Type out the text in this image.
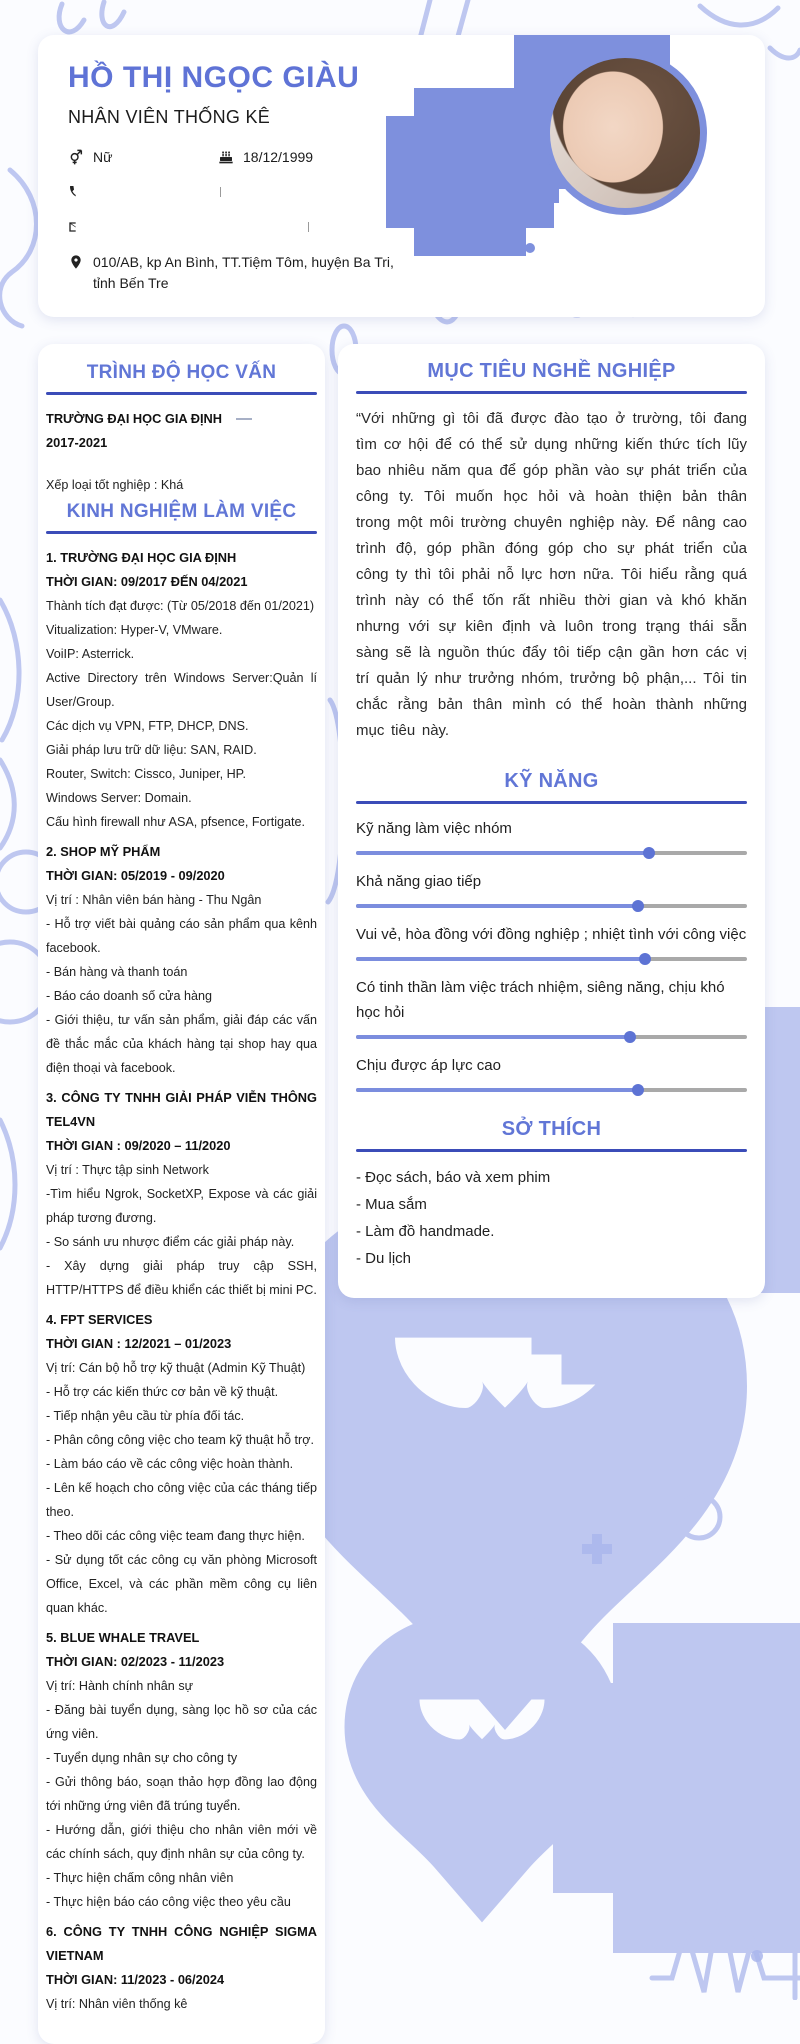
HỒ THỊ NGỌC GIÀU
NHÂN VIÊN THỐNG KÊ
Nữ	18/12/1999
010/AB, kp An Bình, TT.Tiệm Tôm, huyện Ba Tri,
tỉnh Bến Tre
TRÌNH ĐỘ HỌC VẤN
TRƯỜNG ĐẠI HỌC GIA ĐỊNH
2017-2021
Xếp loại tốt nghiệp : Khá
KINH NGHIỆM LÀM VIỆC
1. TRƯỜNG ĐẠI HỌC GIA ĐỊNH
THỜI GIAN: 09/2017 ĐẾN 04/2021
Thành tích đạt được: (Từ 05/2018 đến 01/2021)
Vitualization: Hyper-V, VMware.
VoiIP: Asterrick.
Active Directory trên Windows Server:Quản lí User/Group.
Các dịch vụ VPN, FTP, DHCP, DNS.
Giải pháp lưu trữ dữ liệu: SAN, RAID.
Router, Switch: Cissco, Juniper, HP.
Windows Server: Domain.
Cấu hình firewall như ASA, pfsence, Fortigate.
2. SHOP MỸ PHẨM
THỜI GIAN: 05/2019 - 09/2020
Vị trí : Nhân viên bán hàng - Thu Ngân
- Hỗ trợ viết bài quảng cáo sản phẩm qua kênh facebook.
- Bán hàng và thanh toán
- Báo cáo doanh số cửa hàng
- Giới thiệu, tư vấn sản phẩm, giải đáp các vấn đề thắc mắc của khách hàng tại shop hay qua điện thoại và facebook.
3. CÔNG TY TNHH GIẢI PHÁP VIỄN THÔNG TEL4VN
THỜI GIAN : 09/2020 – 11/2020
Vị trí : Thực tập sinh Network
-Tìm hiểu Ngrok, SocketXP, Expose và các giải pháp tương đương.
- So sánh ưu nhược điểm các giải pháp này.
- Xây dựng giải pháp truy cập SSH, HTTP/HTTPS để điều khiển các thiết bị mini PC.
4. FPT SERVICES
THỜI GIAN : 12/2021 – 01/2023
Vị trí: Cán bộ hỗ trợ kỹ thuật (Admin Kỹ Thuật)
- Hỗ trợ các kiến thức cơ bản về kỹ thuật.
- Tiếp nhận yêu cầu từ phía đối tác.
- Phân công công việc cho team kỹ thuật hỗ trợ.
- Làm báo cáo về các công việc hoàn thành.
- Lên kế hoạch cho công việc của các tháng tiếp theo.
- Theo dõi các công việc team đang thực hiện.
- Sử dụng tốt các công cụ văn phòng Microsoft Office, Excel, và các phần mềm công cụ liên quan khác.
5. BLUE WHALE TRAVEL
THỜI GIAN: 02/2023 - 11/2023
Vị trí: Hành chính nhân sự
- Đăng bài tuyển dụng, sàng lọc hồ sơ của các ứng viên.
- Tuyển dụng nhân sự cho công ty
- Gửi thông báo, soạn thảo hợp đồng lao động tới những ứng viên đã trúng tuyển.
- Hướng dẫn, giới thiệu cho nhân viên mới về các chính sách, quy định nhân sự của công ty.
- Thực hiện chấm công nhân viên
- Thực hiện báo cáo công việc theo yêu cầu
6. CÔNG TY TNHH CÔNG NGHIỆP SIGMA VIETNAM
THỜI GIAN: 11/2023 - 06/2024
Vị trí: Nhân viên thống kê
MỤC TIÊU NGHỀ NGHIỆP
“Với những gì tôi đã được đào tạo ở trường, tôi đang tìm cơ hội để có thể sử dụng những kiến thức tích lũy bao nhiêu năm qua để góp phần vào sự phát triển của công ty. Tôi muốn học hỏi và hoàn thiện bản thân trong một môi trường chuyên nghiệp này. Để nâng cao trình độ, góp phần đóng góp cho sự phát triển của công ty thì tôi phải nỗ lực hơn nữa. Tôi hiểu rằng quá trình này có thể tốn rất nhiều thời gian và khó khăn nhưng với sự kiên định và luôn trong trạng thái sẵn sàng sẽ là nguồn thúc đẩy tôi tiếp cận gần hơn các vị trí quản lý như trưởng nhóm, trưởng bộ phận,... Tôi tin chắc rằng bản thân mình có thể hoàn thành những mục tiêu này.
KỸ NĂNG
Kỹ năng làm việc nhóm
Khả năng giao tiếp
Vui vẻ, hòa đồng với đồng nghiệp ; nhiệt tình với công việc
Có tinh thần làm việc trách nhiệm, siêng năng, chịu khó học hỏi
Chịu được áp lực cao
SỞ THÍCH
- Đọc sách, báo và xem phim
- Mua sắm
- Làm đồ handmade.
- Du lịch
